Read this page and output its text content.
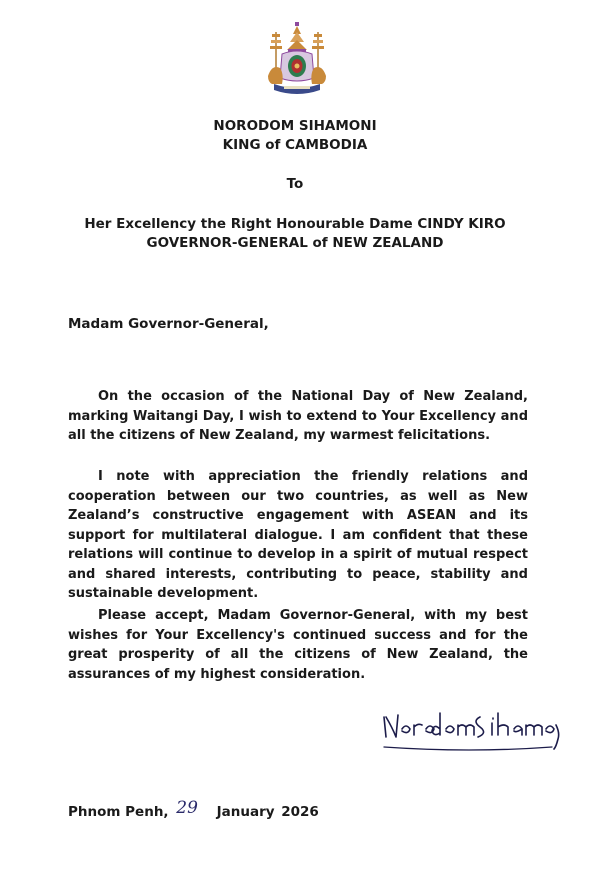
NORODOM SIHAMONI
KING of CAMBODIA
To
Her Excellency the Right Honourable Dame CINDY KIRO
GOVERNOR-GENERAL of NEW ZEALAND
Madam Governor-General,
On the occasion of the National Day of New Zealand, marking Waitangi Day, I wish to extend to Your Excellency and all the citizens of New Zealand, my warmest felicitations.
I note with appreciation the friendly relations and cooperation between our two countries, as well as New Zealand’s constructive engagement with ASEAN and its support for multilateral dialogue. I am confident that these relations will continue to develop in a spirit of mutual respect and shared interests, contributing to peace, stability and sustainable development.
Please accept, Madam Governor-General, with my best wishes for Your Excellency's continued success and for the great prosperity of all the citizens of New Zealand, the assurances of my highest consideration.
Phnom Penh, 29 January 2026
